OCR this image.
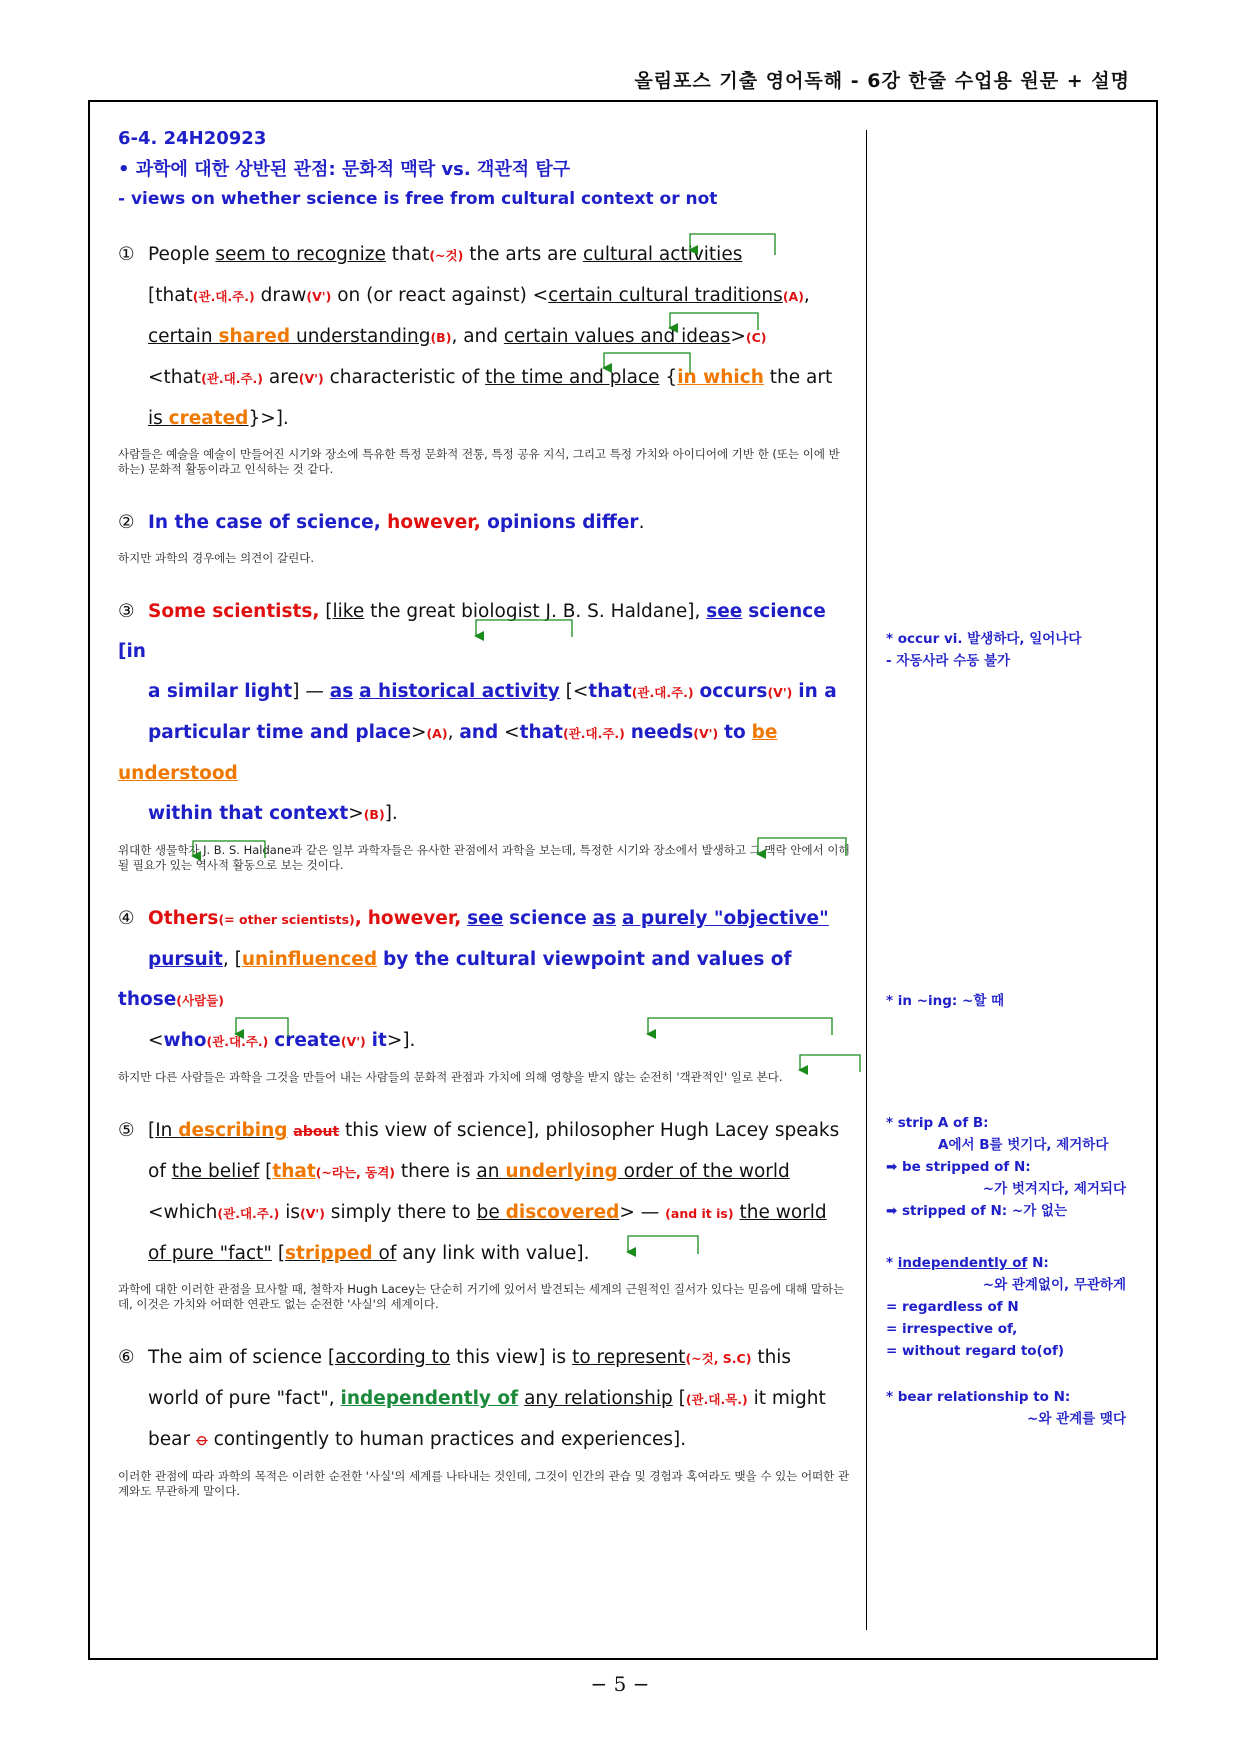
올림포스 기출 영어독해 - 6강 한줄 수업용 원문 + 설명
6-4. 24H20923
• 과학에 대한 상반된 관점: 문화적 맥락 vs. 객관적 탐구
- views on whether science is free from cultural context or not
① People seem to recognize that(~것) the arts are cultural activities
[that(관.대.주.) draw(V') on (or react against) <certain cultural traditions(A),
certain shared understanding(B), and certain values and ideas>(C)
<that(관.대.주.) are(V') characteristic of the time and place {in which the art
is created}>].
사람들은 예술을 예술이 만들어진 시기와 장소에 특유한 특정 문화적 전통, 특정 공유 지식, 그리고 특정 가치와 아이디어에 기반 한 (또는 이에 반하는) 문화적 활동이라고 인식하는 것 같다.
② In the case of science, however, opinions differ.
하지만 과학의 경우에는 의견이 갈린다.
③ Some scientists, [like the great biologist J. B. S. Haldane], see science [in
a similar light] — as a historical activity [<that(관.대.주.) occurs(V') in a
particular time and place>(A), and <that(관.대.주.) needs(V') to be understood
within that context>(B)].
위대한 생물학자 J. B. S. Haldane과 같은 일부 과학자들은 유사한 관점에서 과학을 보는데, 특정한 시기와 장소에서 발생하고 그 맥락 안에서 이해될 필요가 있는 역사적 활동으로 보는 것이다.
④ Others(= other scientists), however, see science as a purely "objective"
pursuit, [uninfluenced by the cultural viewpoint and values of those(사람들)
<who(관.대.주.) create(V') it>].
하지만 다른 사람들은 과학을 그것을 만들어 내는 사람들의 문화적 관점과 가치에 의해 영향을 받지 않는 순전히 '객관적인' 일로 본다.
⑤ [In describing about this view of science], philosopher Hugh Lacey speaks
of the belief [that(~라는, 동격) there is an underlying order of the world
<which(관.대.주.) is(V') simply there to be discovered> — (and it is) the world
of pure "fact" [stripped of any link with value].
과학에 대한 이러한 관점을 묘사할 때, 철학자 Hugh Lacey는 단순히 거기에 있어서 발견되는 세계의 근원적인 질서가 있다는 믿음에 대해 말하는데, 이것은 가치와 어떠한 연관도 없는 순전한 '사실'의 세계이다.
⑥ The aim of science [according to this view] is to represent(~것, S.C) this
world of pure "fact", independently of any relationship [(관.대.목.) it might
bear ⊖ contingently to human practices and experiences].
이러한 관점에 따라 과학의 목적은 이러한 순전한 '사실'의 세계를 나타내는 것인데, 그것이 인간의 관습 및 경험과 혹여라도 맺을 수 있는 어떠한 관계와도 무관하게 말이다.
* occur vi. 발생하다, 일어나다
- 자동사라 수동 불가
* in ~ing: ~할 때
* strip A of B:
A에서 B를 벗기다, 제거하다
➡ be stripped of N:
~가 벗겨지다, 제거되다
➡ stripped of N: ~가 없는
* independently of N:
~와 관계없이, 무관하게
= regardless of N
= irrespective of,
= without regard to(of)
* bear relationship to N:
~와 관계를 맺다
− 5 −
